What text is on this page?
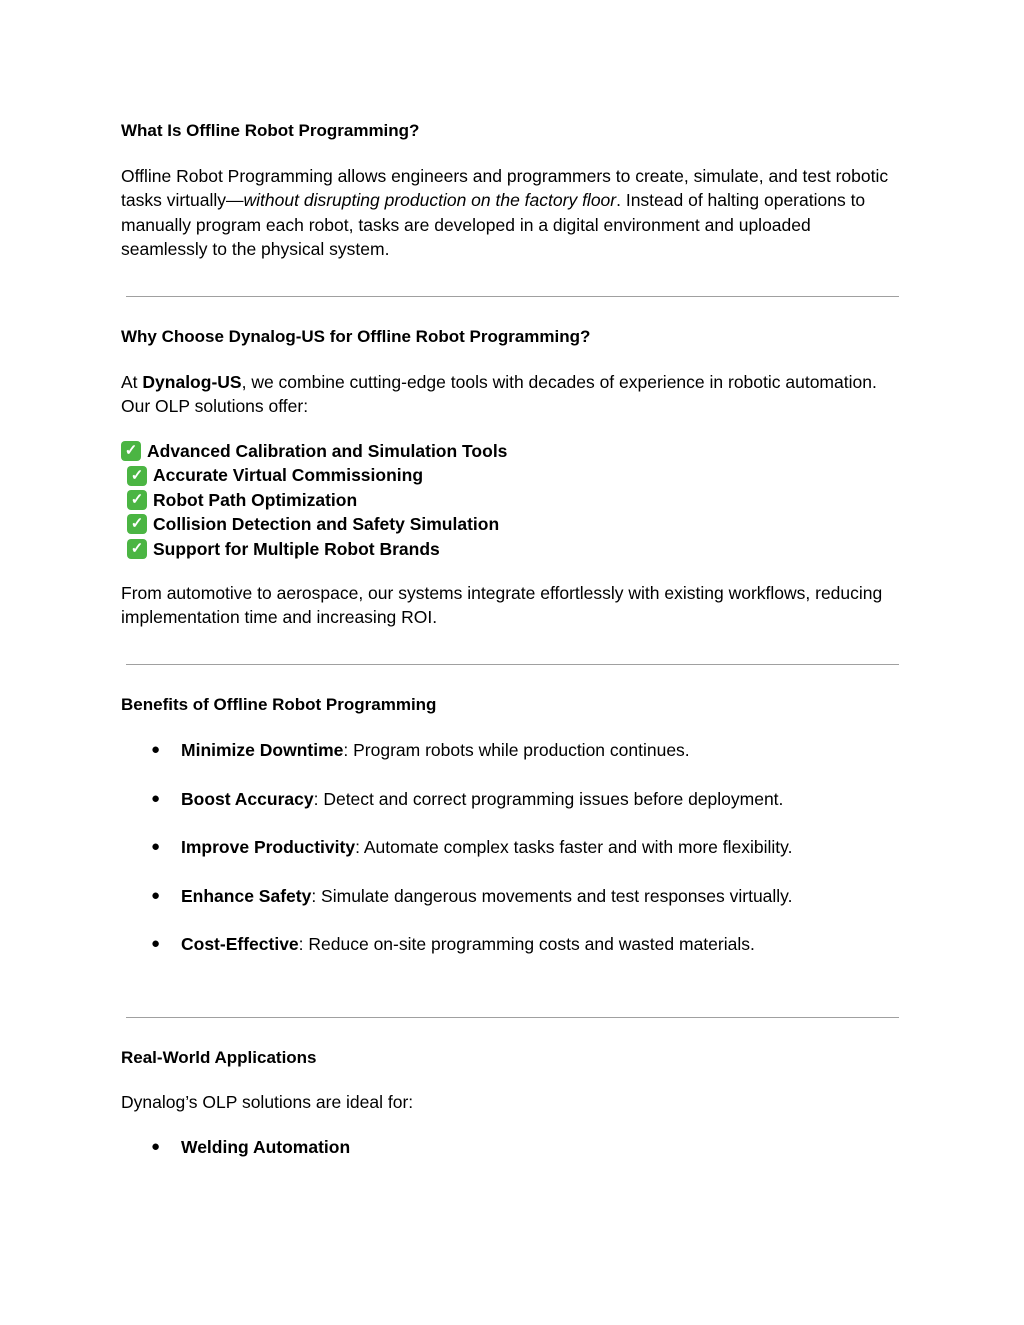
What Is Offline Robot Programming?

Offline Robot Programming allows engineers and programmers to create, simulate, and test robotic tasks virtually—without disrupting production on the factory floor. Instead of halting operations to manually program each robot, tasks are developed in a digital environment and uploaded seamlessly to the physical system.

Why Choose Dynalog-US for Offline Robot Programming?

At Dynalog-US, we combine cutting-edge tools with decades of experience in robotic automation. Our OLP solutions offer:

✓ Advanced Calibration and Simulation Tools
✓ Accurate Virtual Commissioning
✓ Robot Path Optimization
✓ Collision Detection and Safety Simulation
✓ Support for Multiple Robot Brands

From automotive to aerospace, our systems integrate effortlessly with existing workflows, reducing implementation time and increasing ROI.

Benefits of Offline Robot Programming
● Minimize Downtime: Program robots while production continues.
● Boost Accuracy: Detect and correct programming issues before deployment.
● Improve Productivity: Automate complex tasks faster and with more flexibility.
● Enhance Safety: Simulate dangerous movements and test responses virtually.
● Cost-Effective: Reduce on-site programming costs and wasted materials.
Real-World Applications

Dynalog’s OLP solutions are ideal for:

● Welding Automation
